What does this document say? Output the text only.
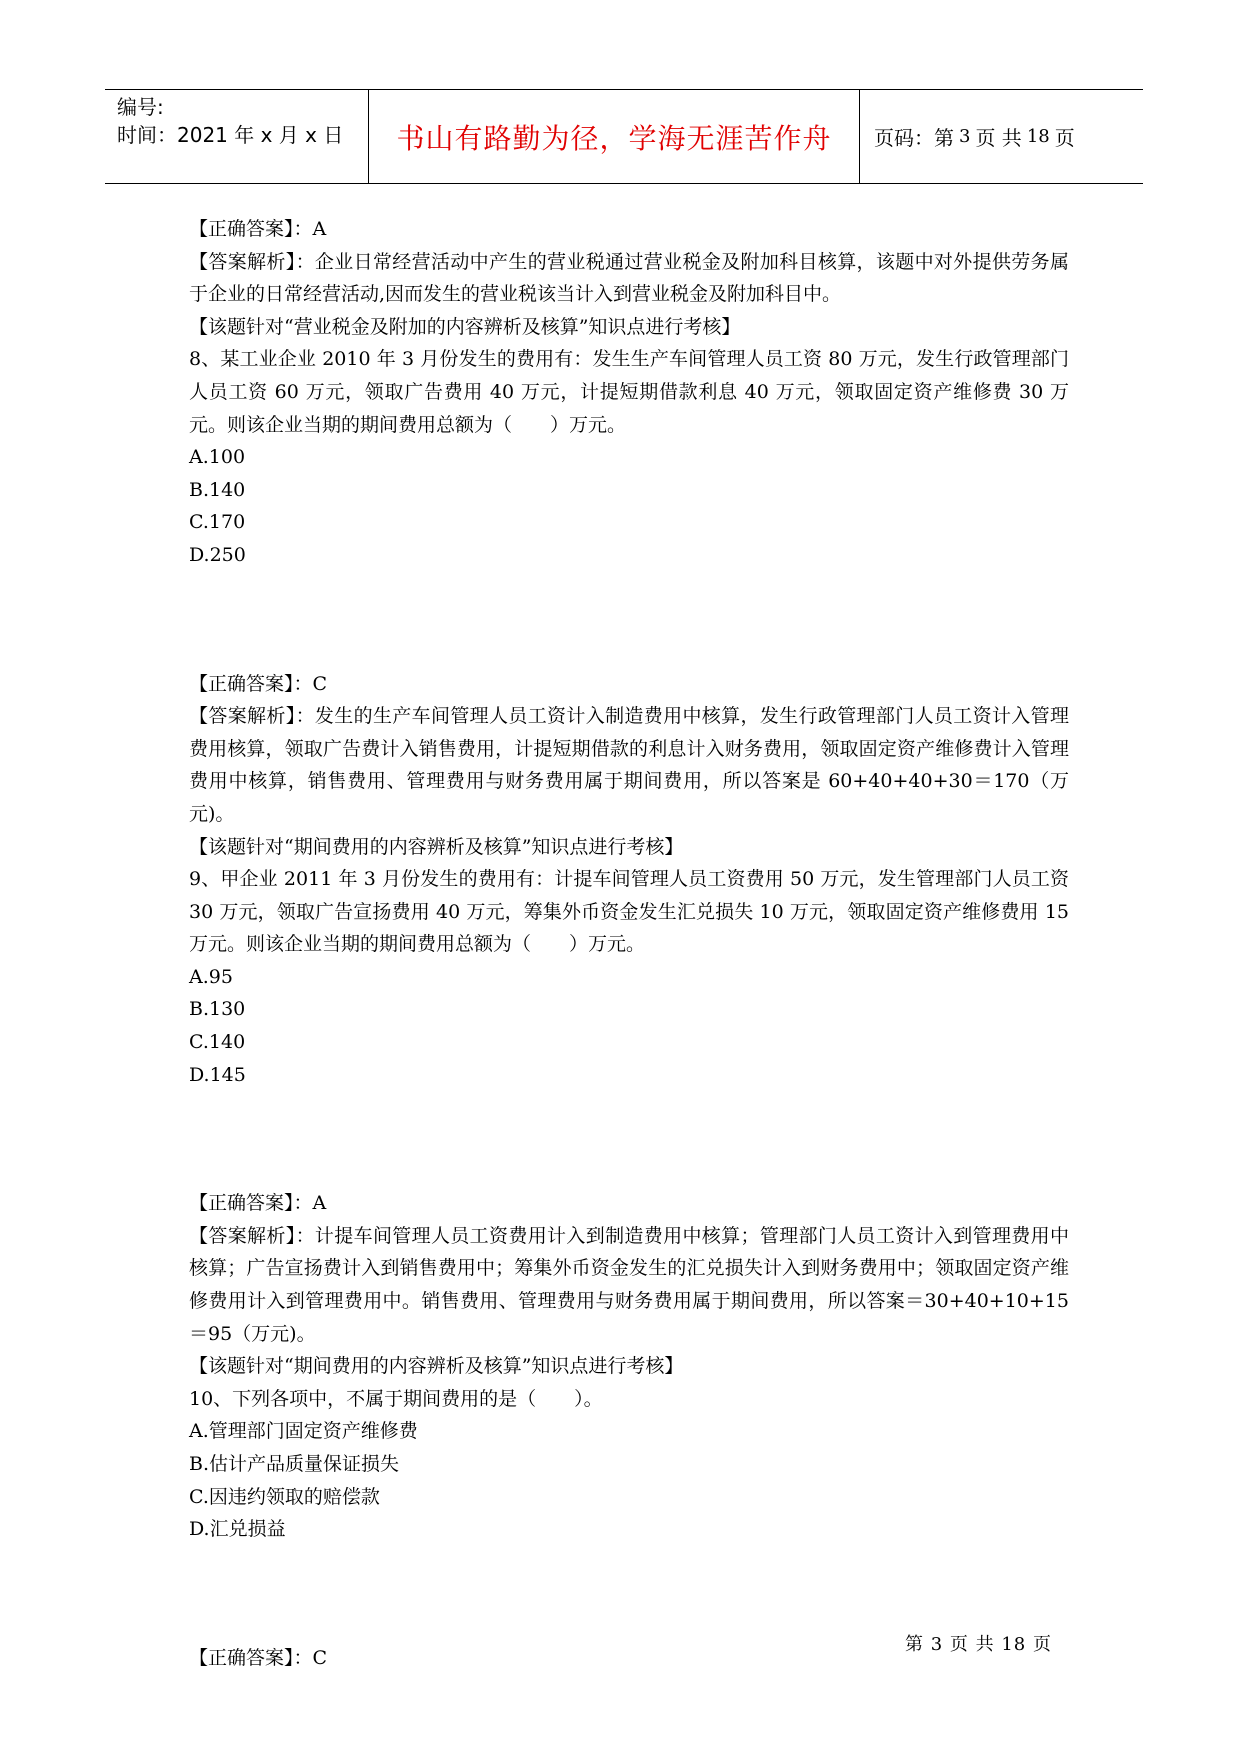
编号:
时间：2021 年 x 月 x 日	书山有路勤为径，学海无涯苦作舟	页码：第 3 页 共 18 页

【正确答案】：A

【答案解析】：企业日常经营活动中产生的营业税通过营业税金及附加科目核算，该题中对外提供劳务属于企业的日常经营活动,因而发生的营业税该当计入到营业税金及附加科目中。

【该题针对“营业税金及附加的内容辨析及核算”知识点进行考核】

8、某工业企业 2010 年 3 月份发生的费用有：发生生产车间管理人员工资 80 万元，发生行政管理部门人员工资 60 万元，领取广告费用 40 万元，计提短期借款利息 40 万元，领取固定资产维修费 30 万元。则该企业当期的期间费用总额为（　　）万元。

A.100

B.140

C.170

D.250

【正确答案】：C

【答案解析】：发生的生产车间管理人员工资计入制造费用中核算，发生行政管理部门人员工资计入管理费用核算，领取广告费计入销售费用，计提短期借款的利息计入财务费用，领取固定资产维修费计入管理费用中核算，销售费用、管理费用与财务费用属于期间费用，所以答案是 60+40+40+30＝170（万元)。

【该题针对“期间费用的内容辨析及核算”知识点进行考核】

9、甲企业 2011 年 3 月份发生的费用有：计提车间管理人员工资费用 50 万元，发生管理部门人员工资 30 万元，领取广告宣扬费用 40 万元，筹集外币资金发生汇兑损失 10 万元，领取固定资产维修费用 15 万元。则该企业当期的期间费用总额为（　　）万元。

A.95

B.130

C.140

D.145

【正确答案】：A

【答案解析】：计提车间管理人员工资费用计入到制造费用中核算；管理部门人员工资计入到管理费用中核算；广告宣扬费计入到销售费用中；筹集外币资金发生的汇兑损失计入到财务费用中；领取固定资产维修费用计入到管理费用中。销售费用、管理费用与财务费用属于期间费用，所以答案＝30+40+10+15＝95（万元)。

【该题针对“期间费用的内容辨析及核算”知识点进行考核】

10、下列各项中，不属于期间费用的是（　　）。

A.管理部门固定资产维修费

B.估计产品质量保证损失

C.因违约领取的赔偿款

D.汇兑损益

【正确答案】：C

第 3 页 共 18 页
